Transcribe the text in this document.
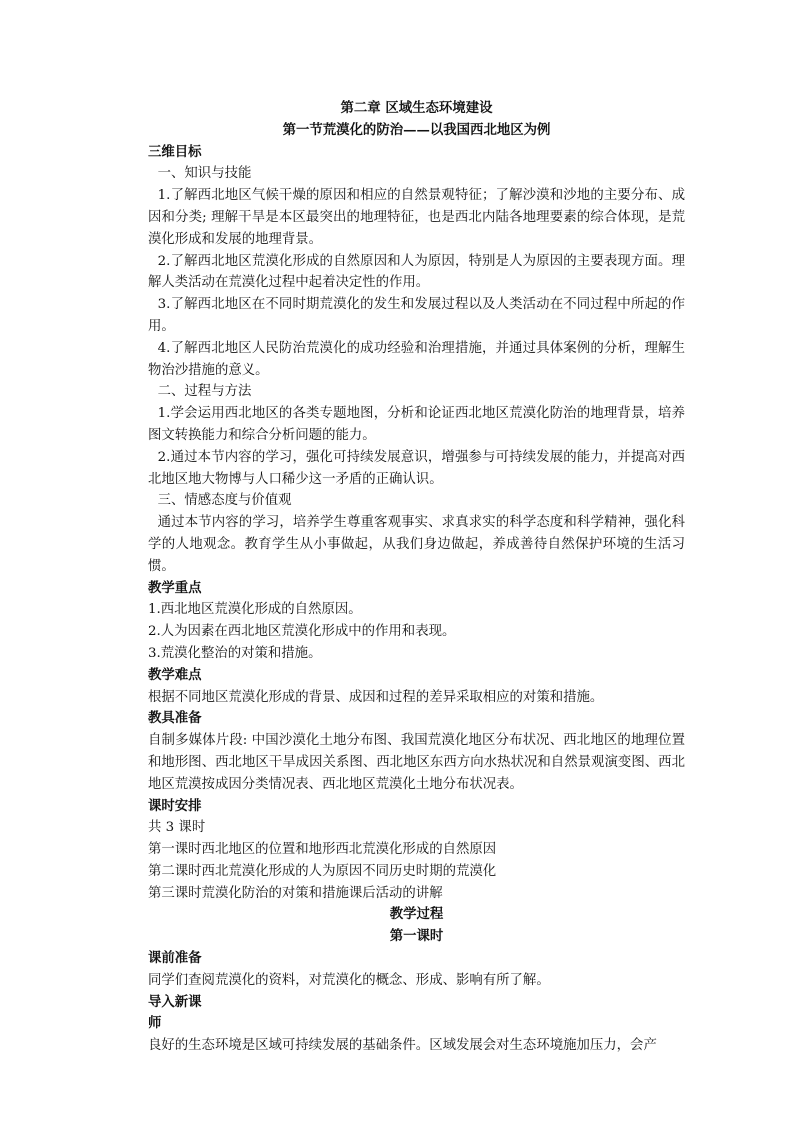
第二章 区域生态环境建设
第一节荒漠化的防治——以我国西北地区为例
三维目标
一、知识与技能

1.了解西北地区气候干燥的原因和相应的自然景观特征；了解沙漠和沙地的主要分布、成因和分类; 理解干旱是本区最突出的地理特征，也是西北内陆各地理要素的综合体现，是荒漠化形成和发展的地理背景。

2.了解西北地区荒漠化形成的自然原因和人为原因，特别是人为原因的主要表现方面。理解人类活动在荒漠化过程中起着决定性的作用。

3.了解西北地区在不同时期荒漠化的发生和发展过程以及人类活动在不同过程中所起的作用。

4.了解西北地区人民防治荒漠化的成功经验和治理措施，并通过具体案例的分析，理解生物治沙措施的意义。

二、过程与方法

1.学会运用西北地区的各类专题地图，分析和论证西北地区荒漠化防治的地理背景，培养图文转换能力和综合分析问题的能力。

2.通过本节内容的学习，强化可持续发展意识，增强参与可持续发展的能力，并提高对西北地区地大物博与人口稀少这一矛盾的正确认识。

三、情感态度与价值观

通过本节内容的学习，培养学生尊重客观事实、求真求实的科学态度和科学精神，强化科学的人地观念。教育学生从小事做起，从我们身边做起，养成善待自然保护环境的生活习惯。

教学重点
1.西北地区荒漠化形成的自然原因。
2.人为因素在西北地区荒漠化形成中的作用和表现。
3.荒漠化整治的对策和措施。
教学难点

根据不同地区荒漠化形成的背景、成因和过程的差异采取相应的对策和措施。

教具准备

自制多媒体片段: 中国沙漠化土地分布图、我国荒漠化地区分布状况、西北地区的地理位置和地形图、西北地区干旱成因关系图、西北地区东西方向水热状况和自然景观演变图、西北地区荒漠按成因分类情况表、西北地区荒漠化土地分布状况表。

课时安排
共 3 课时
第一课时西北地区的位置和地形西北荒漠化形成的自然原因
第二课时西北荒漠化形成的人为原因不同历史时期的荒漠化
第三课时荒漠化防治的对策和措施课后活动的讲解
教学过程
第一课时
课前准备

同学们查阅荒漠化的资料，对荒漠化的概念、形成、影响有所了解。

导入新课
师

良好的生态环境是区域可持续发展的基础条件。区域发展会对生态环境施加压力，会产
